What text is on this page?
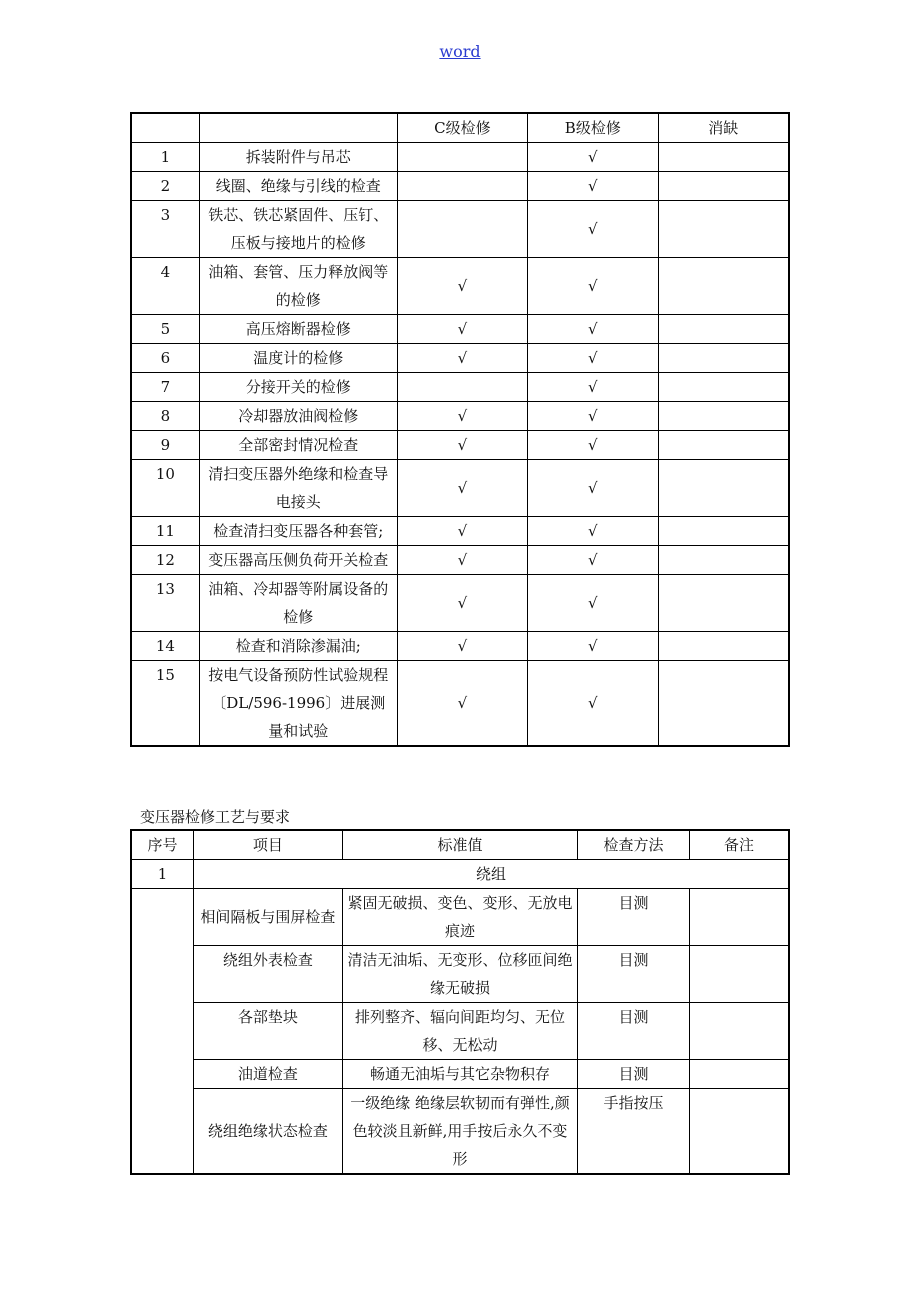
word
		C级检修	B级检修	消缺
1	拆装附件与吊芯		√	
2	线圈、绝缘与引线的检查		√	
3	铁芯、铁芯紧固件、压钉、压板与接地片的检修		√	
4	油箱、套管、压力释放阀等的检修	√	√	
5	高压熔断器检修	√	√	
6	温度计的检修	√	√	
7	分接开关的检修		√	
8	冷却器放油阀检修	√	√	
9	全部密封情况检查	√	√	
10	清扫变压器外绝缘和检查导电接头	√	√	
11	检查清扫变压器各种套管;	√	√	
12	变压器高压侧负荷开关检查	√	√	
13	油箱、冷却器等附属设备的检修	√	√	
14	检查和消除渗漏油;	√	√	
15	按电气设备预防性试验规程〔DL/596-1996〕进展测量和试验	√	√	
变压器检修工艺与要求
序号	项目	标准值	检查方法	备注
1	绕组			
	相间隔板与围屏检查	紧固无破损、变色、变形、无放电痕迹	目测	
	绕组外表检查	清洁无油垢、无变形、位移匝间绝缘无破损	目测	
	各部垫块	排列整齐、辐向间距均匀、无位移、无松动	目测	
	油道检查	畅通无油垢与其它杂物积存	目测	
	绕组绝缘状态检查	一级绝缘 绝缘层软韧而有弹性,颜色较淡且新鲜,用手按后永久不变形	手指按压	
